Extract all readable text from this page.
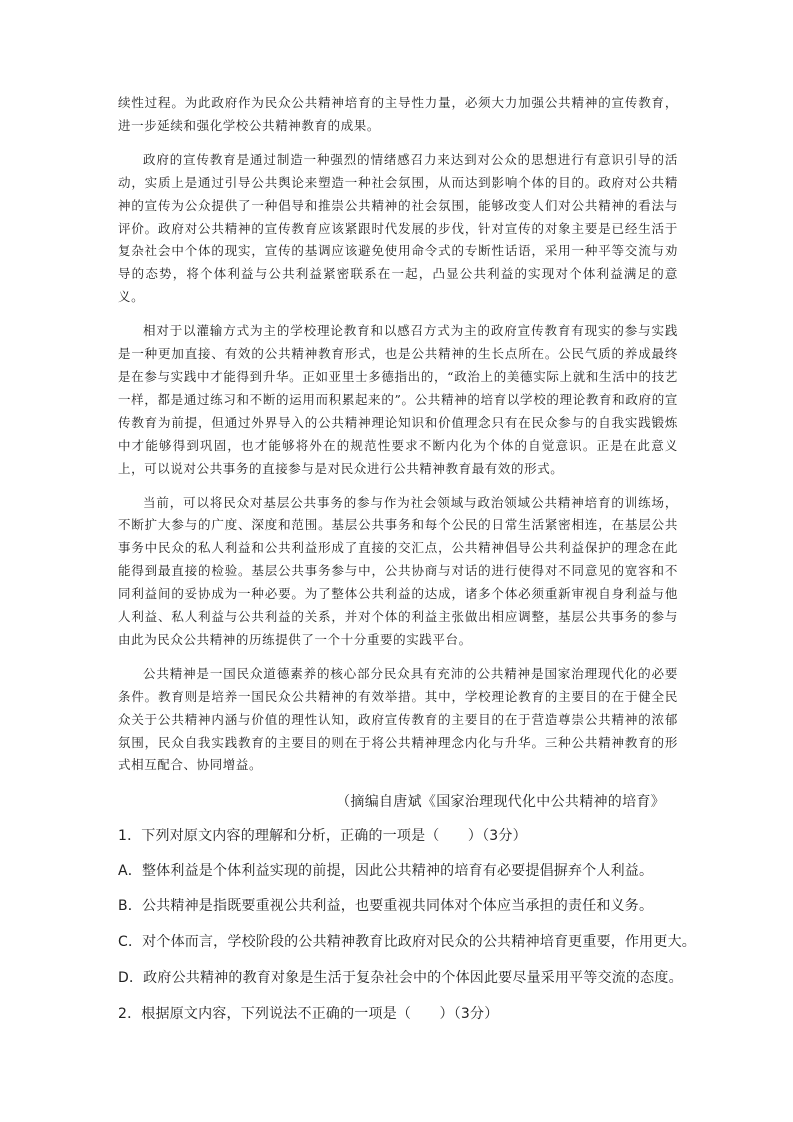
续性过程。为此政府作为民众公共精神培育的主导性力量，必须大力加强公共精神的宣传教育，进一步延续和强化学校公共精神教育的成果。

政府的宣传教育是通过制造一种强烈的情绪感召力来达到对公众的思想进行有意识引导的活动，实质上是通过引导公共舆论来塑造一种社会氛围，从而达到影响个体的目的。政府对公共精神的宣传为公众提供了一种倡导和推崇公共精神的社会氛围，能够改变人们对公共精神的看法与评价。政府对公共精神的宣传教育应该紧跟时代发展的步伐，针对宣传的对象主要是已经生活于复杂社会中个体的现实，宣传的基调应该避免使用命令式的专断性话语，采用一种平等交流与劝导的态势，将个体利益与公共利益紧密联系在一起，凸显公共利益的实现对个体利益满足的意义。

相对于以灌输方式为主的学校理论教育和以感召方式为主的政府宣传教育有现实的参与实践是一种更加直接、有效的公共精神教育形式，也是公共精神的生长点所在。公民气质的养成最终是在参与实践中才能得到升华。正如亚里士多德指出的，“政治上的美德实际上就和生活中的技艺一样，都是通过练习和不断的运用而积累起来的”。公共精神的培育以学校的理论教育和政府的宣传教育为前提，但通过外界导入的公共精神理论知识和价值理念只有在民众参与的自我实践锻炼中才能够得到巩固，也才能够将外在的规范性要求不断内化为个体的自觉意识。正是在此意义上，可以说对公共事务的直接参与是对民众进行公共精神教育最有效的形式。

当前，可以将民众对基层公共事务的参与作为社会领域与政治领域公共精神培育的训练场，不断扩大参与的广度、深度和范围。基层公共事务和每个公民的日常生活紧密相连，在基层公共事务中民众的私人利益和公共利益形成了直接的交汇点，公共精神倡导公共利益保护的理念在此能得到最直接的检验。基层公共事务参与中，公共协商与对话的进行使得对不同意见的宽容和不同利益间的妥协成为一种必要。为了整体公共利益的达成，诸多个体必须重新审视自身利益与他人利益、私人利益与公共利益的关系，并对个体的利益主张做出相应调整，基层公共事务的参与由此为民众公共精神的历练提供了一个十分重要的实践平台。

公共精神是一国民众道德素养的核心部分民众具有充沛的公共精神是国家治理现代化的必要条件。教育则是培养一国民众公共精神的有效举措。其中，学校理论教育的主要目的在于健全民众关于公共精神内涵与价值的理性认知，政府宣传教育的主要目的在于营造尊崇公共精神的浓郁氛围，民众自我实践教育的主要目的则在于将公共精神理念内化与升华。三种公共精神教育的形式相互配合、协同增益。

（摘编自唐斌《国家治理现代化中公共精神的培育》
1．下列对原文内容的理解和分析，正确的一项是（　　）（3分）
A．整体利益是个体利益实现的前提，因此公共精神的培育有必要提倡摒弃个人利益。
B．公共精神是指既要重视公共利益，也要重视共同体对个体应当承担的责任和义务。
C．对个体而言，学校阶段的公共精神教育比政府对民众的公共精神培育更重要，作用更大。
D．政府公共精神的教育对象是生活于复杂社会中的个体因此要尽量采用平等交流的态度。
2．根据原文内容，下列说法不正确的一项是（　　）（3分）
